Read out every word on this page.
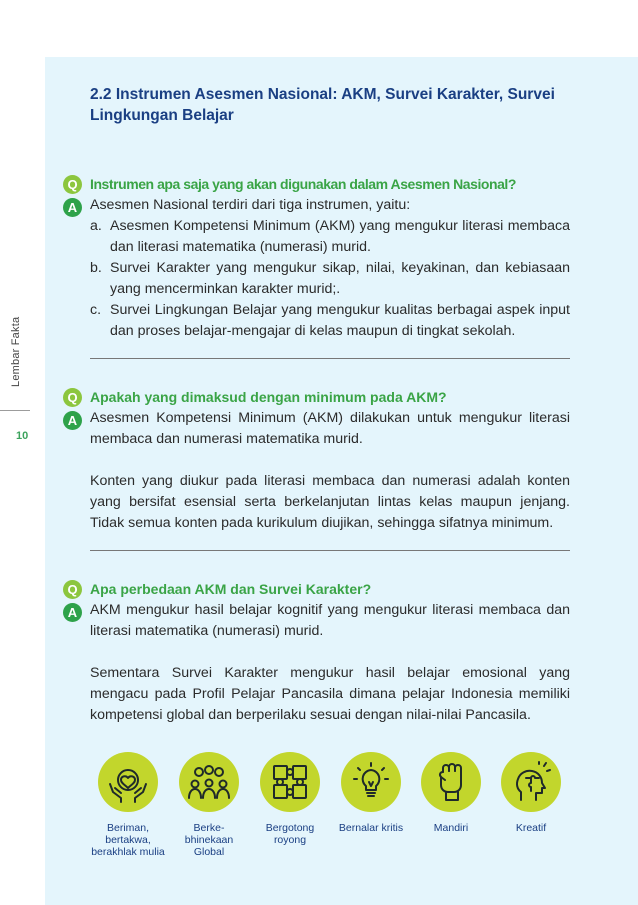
Lembar Fakta
10
2.2 Instrumen Asesmen Nasional: AKM, Survei Karakter, Survei Lingkungan Belajar
Q
A

Instrumen apa saja yang akan digunakan dalam Asesmen Nasional?

Asesmen Nasional terdiri dari tiga instrumen, yaitu:

a. Asesmen Kompetensi Minimum (AKM) yang mengukur literasi membaca dan literasi matematika (numerasi) murid.
b. Survei Karakter yang mengukur sikap, nilai, keyakinan, dan kebiasaan yang mencerminkan karakter murid;.
c. Survei Lingkungan Belajar yang mengukur kualitas berbagai aspek input dan proses belajar-mengajar di kelas maupun di tingkat sekolah.
Q
A

Apakah yang dimaksud dengan minimum pada AKM?

Asesmen Kompetensi Minimum (AKM) dilakukan untuk mengukur literasi membaca dan numerasi matematika murid.

Konten yang diukur pada literasi membaca dan numerasi adalah konten yang bersifat esensial serta berkelanjutan lintas kelas maupun jenjang. Tidak semua konten pada kurikulum diujikan, sehingga sifatnya minimum.

Q
A

Apa perbedaan AKM dan Survei Karakter?

AKM mengukur hasil belajar kognitif yang mengukur literasi membaca dan literasi matematika (numerasi) murid.

Sementara Survei Karakter mengukur hasil belajar emosional yang mengacu pada Profil Pelajar Pancasila dimana pelajar Indonesia memiliki kompetensi global dan berperilaku sesuai dengan nilai-nilai Pancasila.

Beriman, bertakwa, berakhlak mulia
Berke- bhinekaan Global
Bergotong royong
Bernalar kritis	Mandiri	Kreatif
